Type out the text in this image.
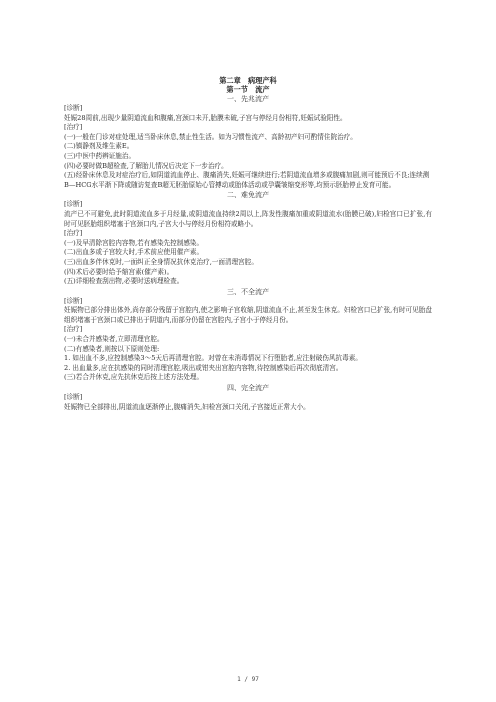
第二章　病理产科
第一节　流产
一、先兆流产
[诊断]

妊娠28周前,出现少量阴道流血和腹痛,宫颈口未开,胎膜未破,子宫与停经月份相符,妊娠试验阳性。

[治疗]

(一)一般在门诊对症处理,适当卧床休息,禁止性生活。如为习惯性流产、高龄初产妇可酌情住院治疗。

(二)镇静剂及维生素E。

(三)中医中药辨证施治。

(四)必要时做B超检查,了解胎儿情况后决定下一步治疗。

(五)经卧床休息及对症治疗后,如阴道流血停止、腹痛消失,妊娠可继续进行;若阴道流血增多或腹痛加剧,则可能预后不良;连续测

B—HCG水平渐下降或随访复查B超无胚胎原始心管搏动或胎体活动或孕囊皱缩变形等,均预示胚胎停止发育可能。

二、难免流产
[诊断]

流产已不可避免,此时阴道流血多于月经量,或阴道流血持续2周以上,阵发性腹痛加重或阴道流水(胎膜已破),妇检宫口已扩张,有时可见胚胎组织堵塞于宫颈口内,子宫大小与停经月份相符或略小。

[治疗]

(一)及早清除宫腔内容物,若有感染先控制感染。

(二)出血多或子宫较大时,手术前应使用催产素。

(三)出血多伴休克时,一面纠正全身情况抗休克治疗,一面清理宫腔。

(四)术后必要时给予缩宫素(催产素)。

(五)详细检查刮出物,必要时送病理检查。

三、不全流产
[诊断]

妊娠物已部分排出体外,尚存部分残留于宫腔内,使之影响子宫收缩,阴道流血不止,甚至发生休克。妇检宫口已扩张,有时可见胎盘组织堵塞于宫颈口或已排出于阴道内,而部分仍留在宫腔内,子宫小于停经月份。

[治疗]

(一)未合并感染者,立即清理官腔。

(二)有感染者,则按以下原则处理:

1. 如出血不多,应控制感染3～5天后再清理官腔。对曾在未消毒情况下行堕胎者,应注射破伤风抗毒素。

2. 出血量多,应在抗感染的同时清理宫腔,吸出或钳夹出宫腔内容物,待控制感染后再次彻底清宫。

(三)若合并休克,应先抗休克后按上述方法处理。

四、完全流产
[诊断]

妊娠物已全部排出,阴道流血逐渐停止,腹痛消失,妇检宫颈口关闭,子宫接近正常大小。

1 / 97
